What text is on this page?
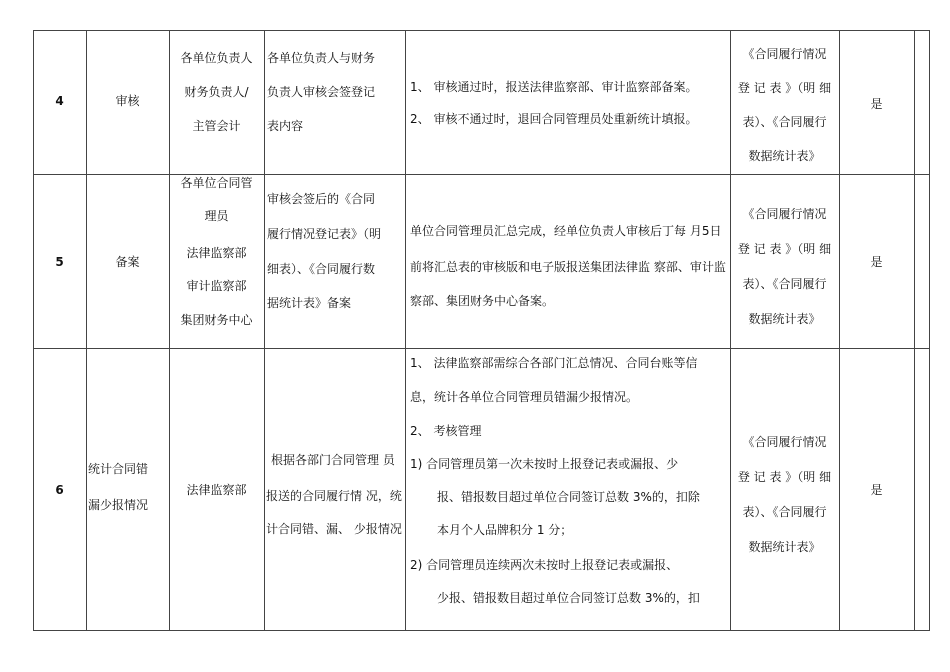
4	审核
各单位负责人
财务负责人/
主管会计
各单位负责人与财务
负责人审核会签登记
表内容
1、 审核通过时，报送法律监察部、审计监察部备案。
2、 审核不通过时，退回合同管理员处重新统计填报。
《合同履行情况
登 记 表 》（明 细
表）、《合同履行
数据统计表》
是
5	备案
各单位合同管
理员
法律监察部
审计监察部
集团财务中心
审核会签后的《合同
履行情况登记表》（明
细表）、《合同履行数
据统计表》备案
单位合同管理员汇总完成，经单位负责人审核后丁每 月5日
前将汇总表的审核版和电子版报送集团法律监 察部、审计监
察部、集团财务中心备案。
《合同履行情况
登 记 表 》（明 细
表）、《合同履行
数据统计表》
是
6
统计合同错
漏少报情况
法律监察部
根据各部门合同管理 员
报送的合同履行情 况，统
计合同错、漏、 少报情况
1、 法律监察部需综合各部门汇总情况、合同台账等信
息，统计各单位合同管理员错漏少报情况。
2、 考核管理
1) 合同管理员第一次未按时上报登记表或漏报、少
报、错报数目超过单位合同签订总数 3%的，扣除
本月个人品牌积分 1 分；
2) 合同管理员连续两次未按时上报登记表或漏报、
少报、错报数目超过单位合同签订总数 3%的，扣
《合同履行情况
登 记 表 》（明 细
表）、《合同履行
数据统计表》
是
